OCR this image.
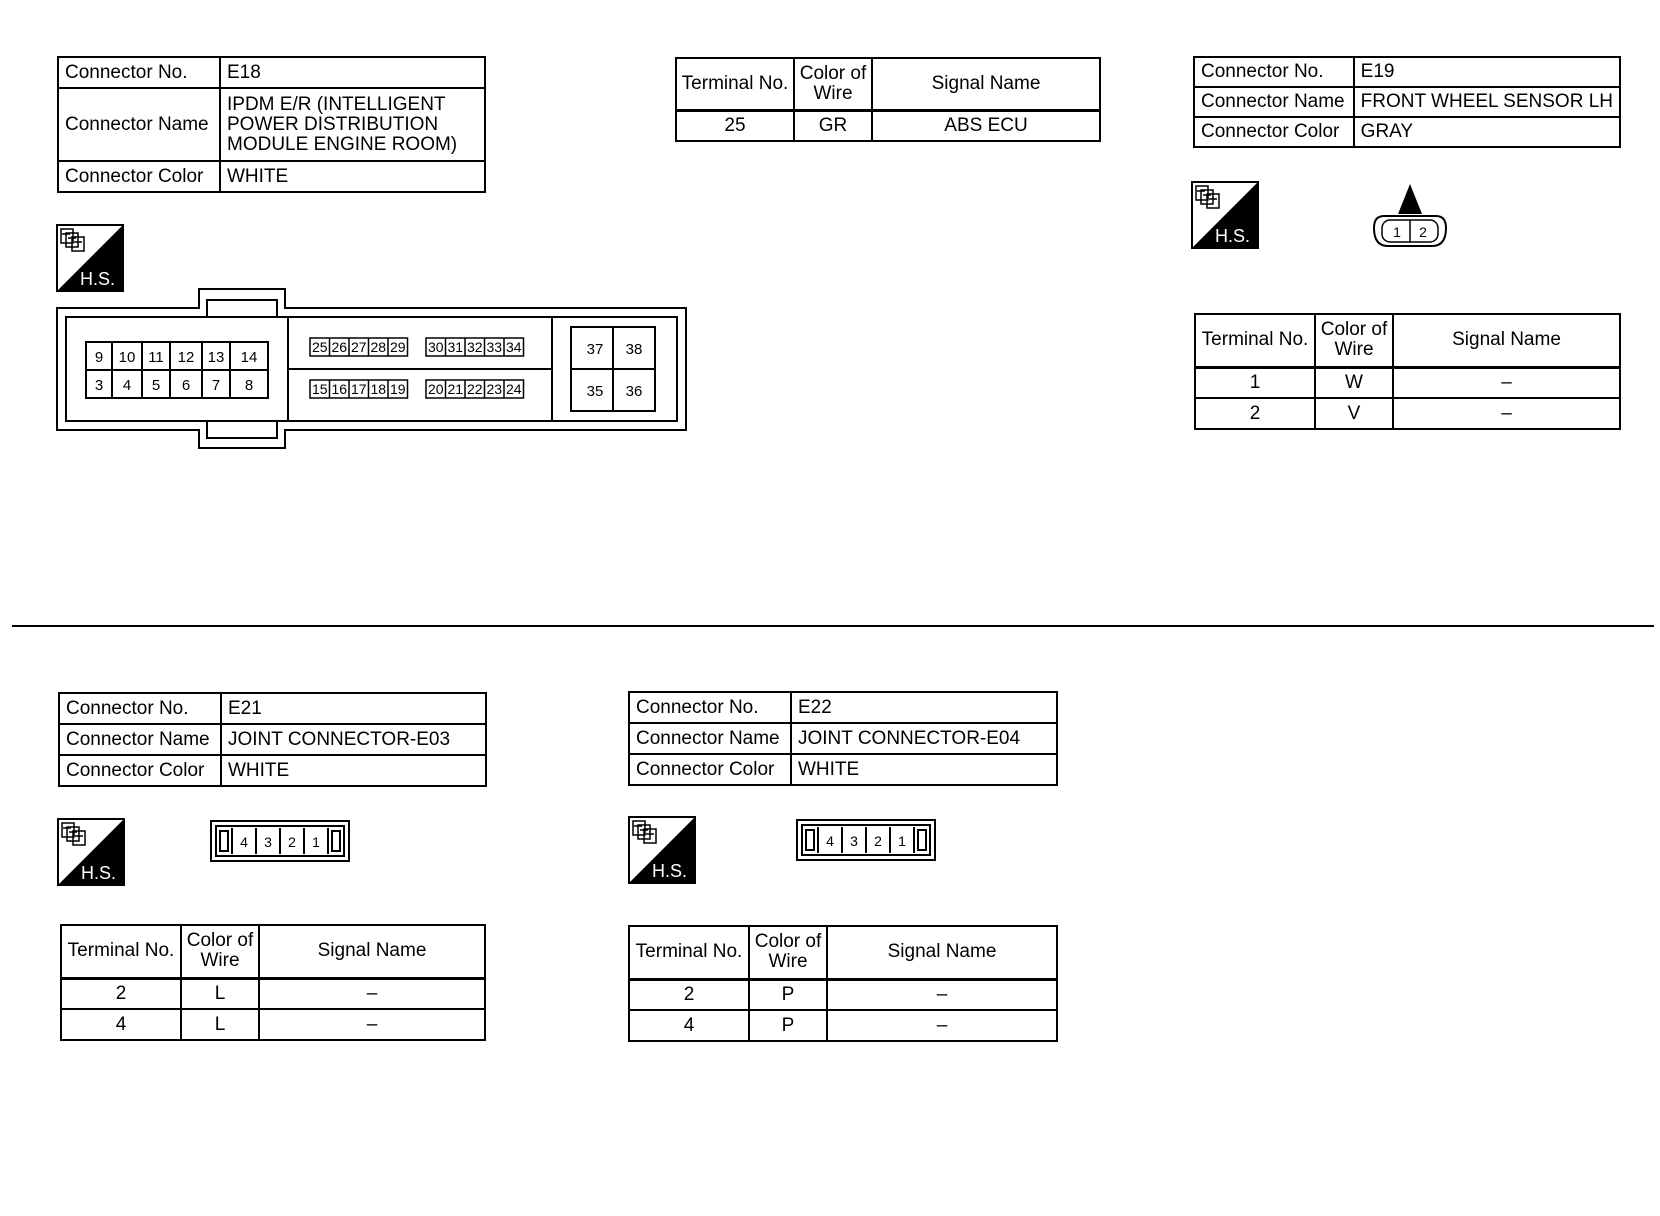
Connector No.	E18
Connector Name	IPDM E/R (INTELLIGENT
POWER DISTRIBUTION
MODULE ENGINE ROOM)

Connector Color	WHITE
H.S.
9 10 11 12 13 14
3 4 5 6 7 8
37 38
35 36
25 26 27 28 29 30 31 32 33 34
15 16 17 18 19 20 21 22 23 24
Terminal No.	Color of Wire	Signal Name
25	GR	ABS ECU
Connector No.	E19
Connector Name	FRONT WHEEL SENSOR LH
Connector Color	GRAY
H.S.	1 2
Terminal No.	Color of Wire	Signal Name
1	W	–
2	V	–
Connector No.	E21
Connector Name	JOINT CONNECTOR-E03
Connector Color	WHITE
H.S.
4 3 2 1
Terminal No.	Color of Wire	Signal Name
2	L	–
4	L	–
Connector No.	E22
Connector Name	JOINT CONNECTOR-E04
Connector Color	WHITE
H.S.
4 3 2 1
Terminal No.	Color of Wire	Signal Name
2	P	–
4	P	–
